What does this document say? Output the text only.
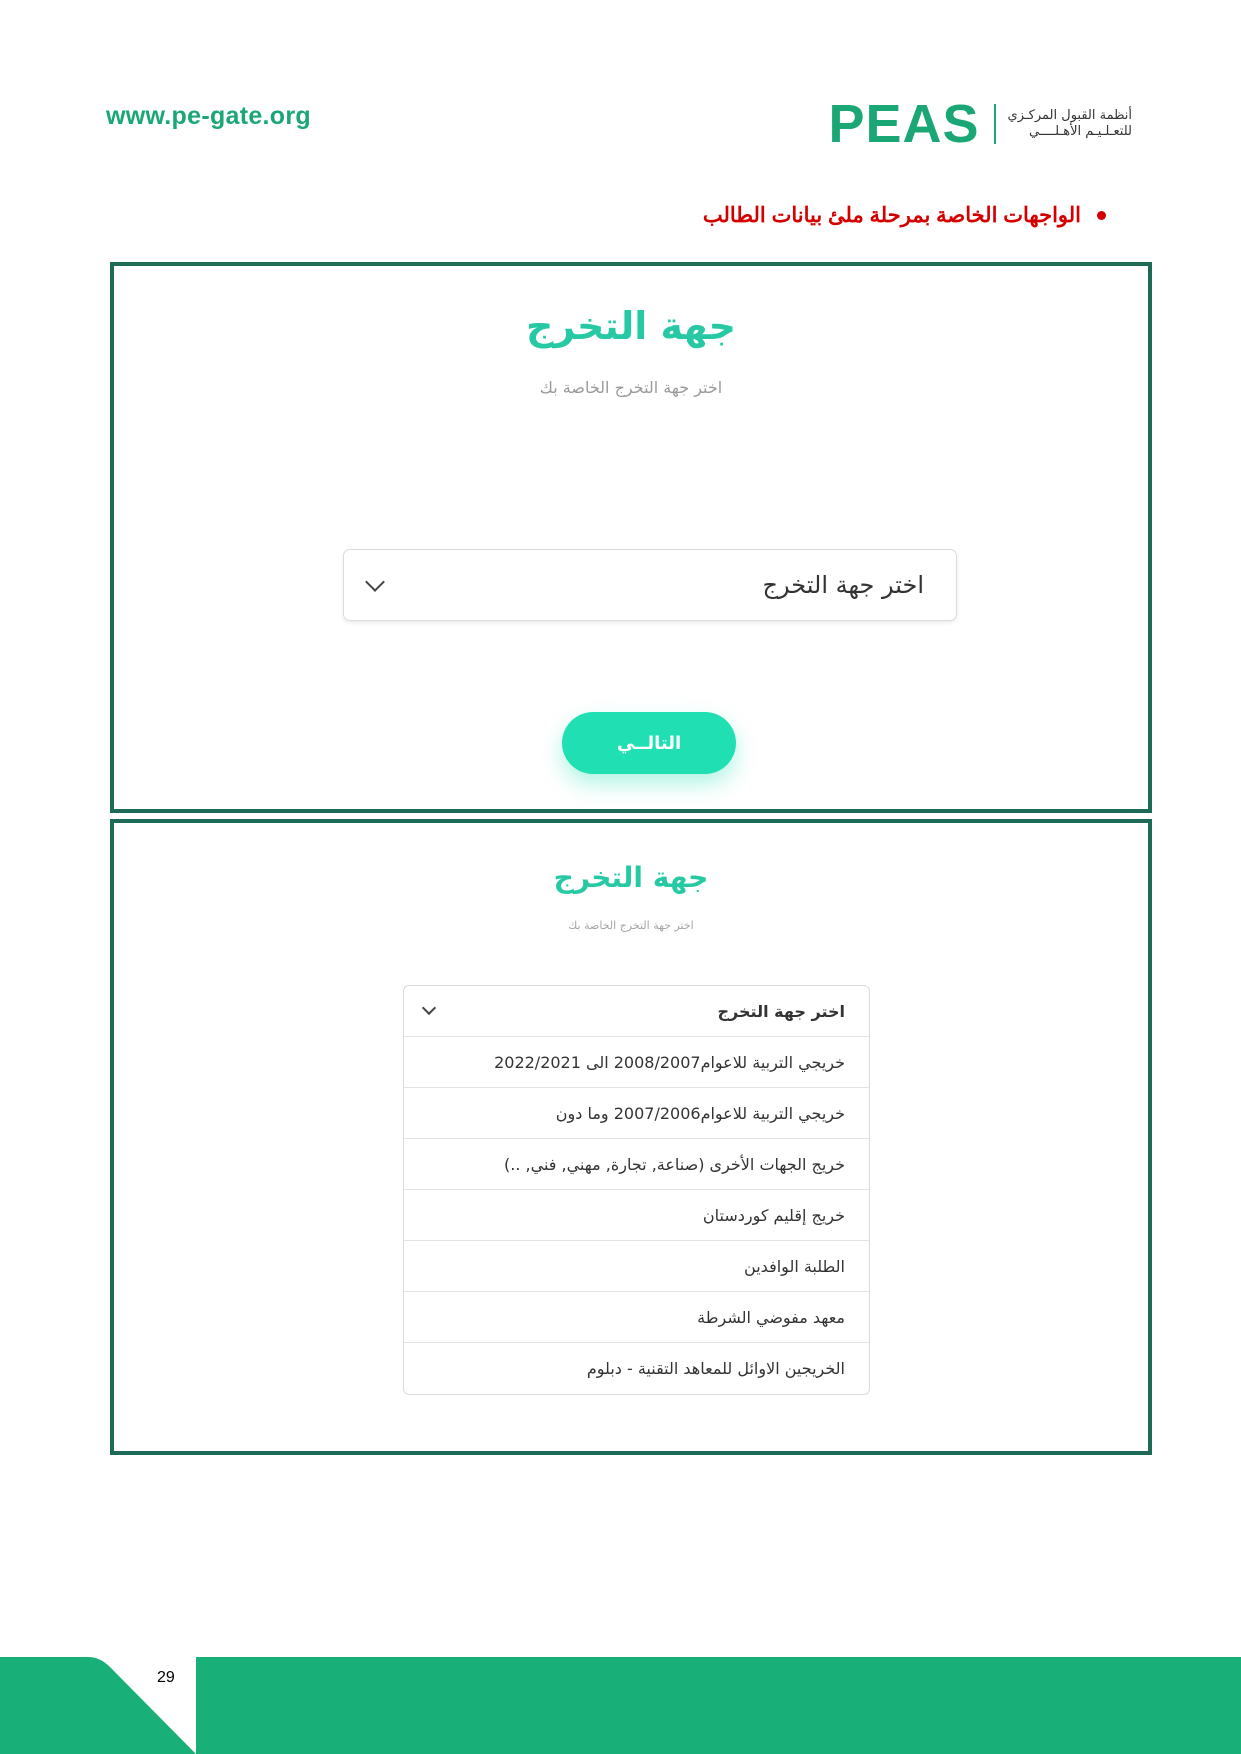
www.pe-gate.org	PEAS أنظمة القبول المركـزي
للتعـلـيـم الأهـلــــي
الواجهات الخاصة بمرحلة ملئ بيانات الطالب
جهة التخرج
اختر جهة التخرج الخاصة بك
اختر جهة التخرج
التالــي
جهة التخرج
اختر جهة التخرج الخاصة بك
اختر جهة التخرج
خريجي التربية للاعوام2008/2007 الى 2022/2021
خريجي التربية للاعوام2007/2006 وما دون
خريج الجهات الأخرى (صناعة, تجارة, مهني, فني, ..)
خريج إقليم كوردستان
الطلبة الوافدين
معهد مفوضي الشرطة
الخريجين الاوائل للمعاهد التقنية - دبلوم
29
